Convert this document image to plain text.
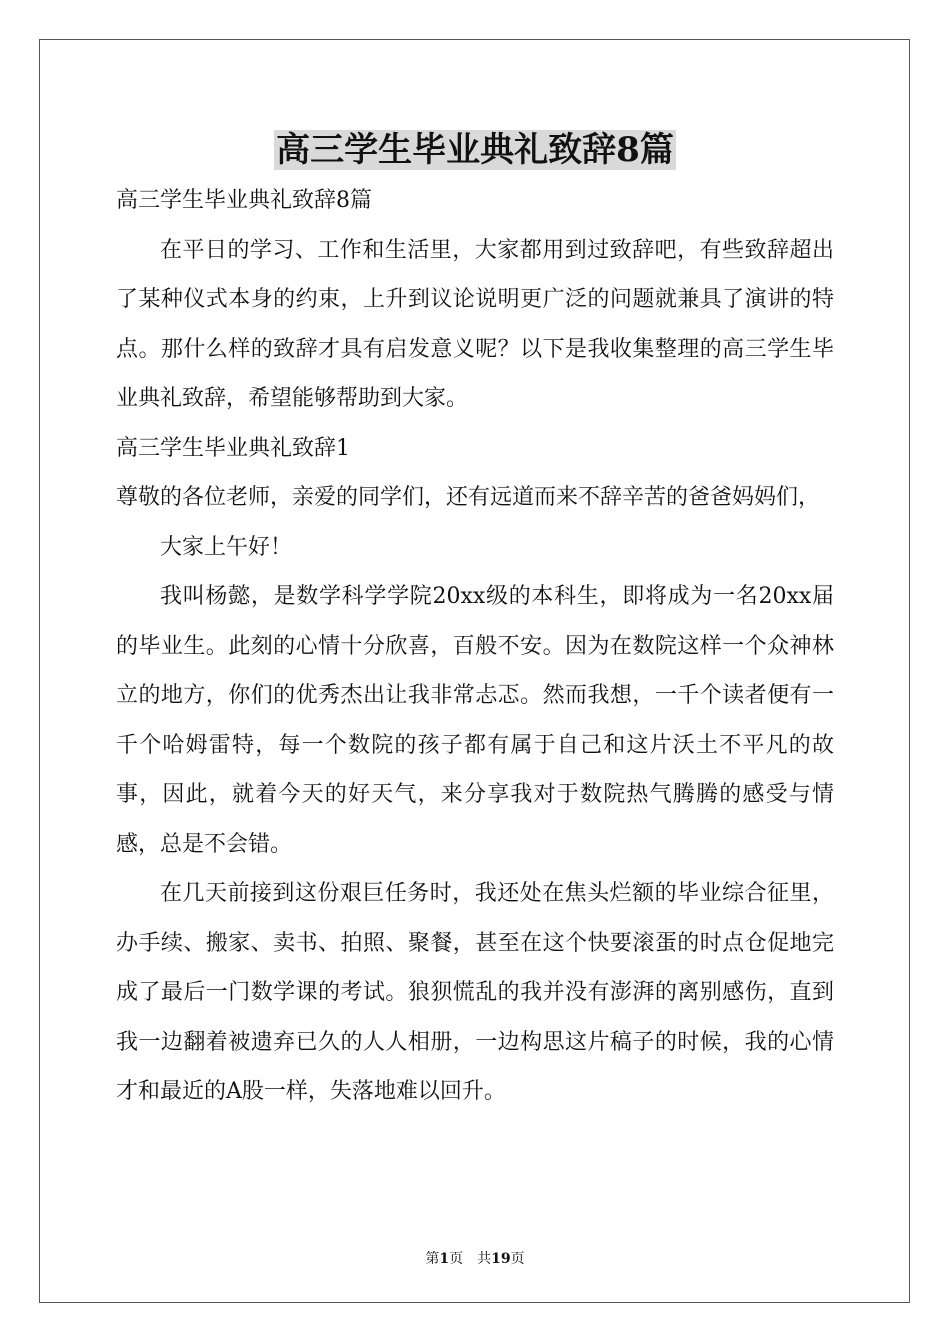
高三学生毕业典礼致辞8篇

高三学生毕业典礼致辞8篇

在平日的学习、工作和生活里，大家都用到过致辞吧，有些致辞超出了某种仪式本身的约束，上升到议论说明更广泛的问题就兼具了演讲的特点。那什么样的致辞才具有启发意义呢？以下是我收集整理的高三学生毕业典礼致辞，希望能够帮助到大家。

高三学生毕业典礼致辞1

尊敬的各位老师，亲爱的同学们，还有远道而来不辞辛苦的爸爸妈妈们，

大家上午好！

我叫杨懿，是数学科学学院20xx级的本科生，即将成为一名20xx届的毕业生。此刻的心情十分欣喜，百般不安。因为在数院这样一个众神林立的地方，你们的优秀杰出让我非常忐忑。然而我想，一千个读者便有一千个哈姆雷特，每一个数院的孩子都有属于自己和这片沃土不平凡的故事，因此，就着今天的好天气，来分享我对于数院热气腾腾的感受与情感，总是不会错。

在几天前接到这份艰巨任务时，我还处在焦头烂额的毕业综合征里，办手续、搬家、卖书、拍照、聚餐，甚至在这个快要滚蛋的时点仓促地完成了最后一门数学课的考试。狼狈慌乱的我并没有澎湃的离别感伤，直到我一边翻着被遗弃已久的人人相册，一边构思这片稿子的时候，我的心情才和最近的A股一样，失落地难以回升。

第1页 共19页
